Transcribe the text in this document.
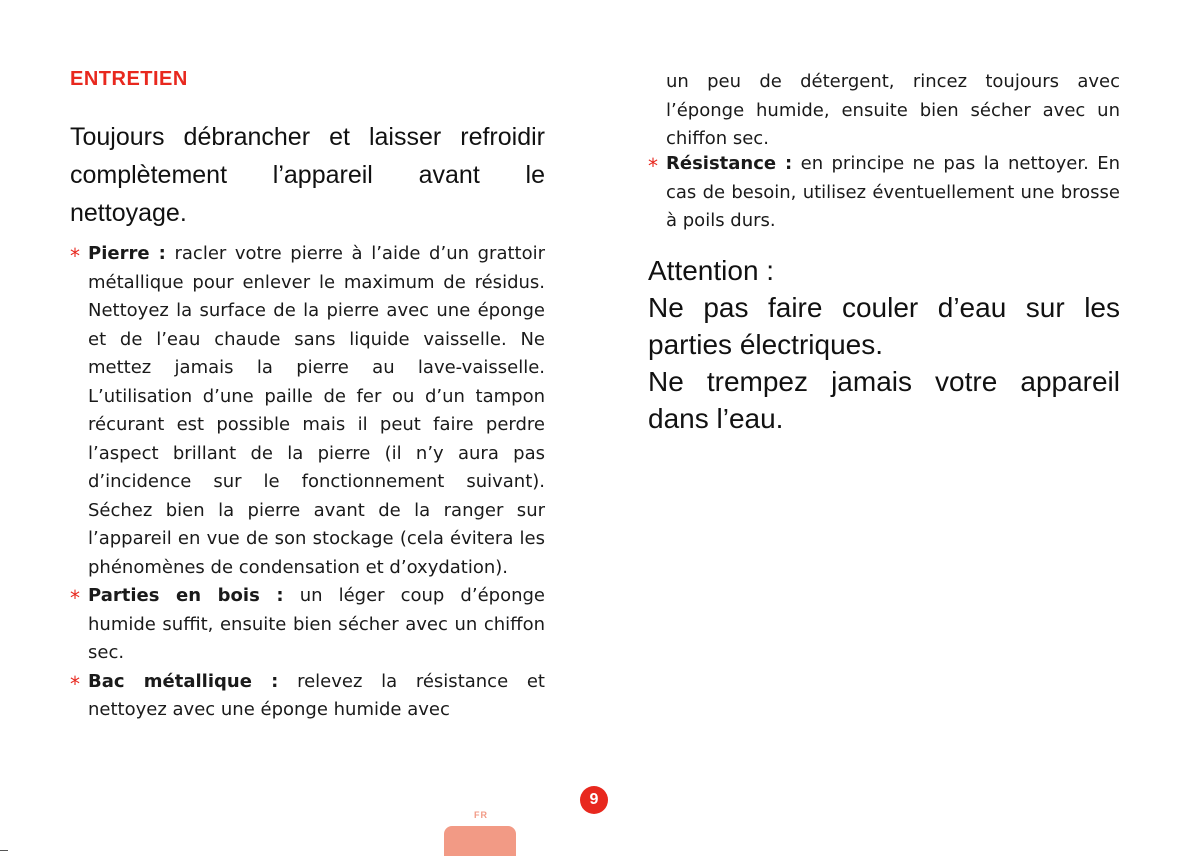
ENTRETIEN

Toujours débrancher et laisser refroidir complètement l’appareil avant le nettoyage.

* Pierre : racler votre pierre à l’aide d’un grattoir métallique pour enlever le maximum de résidus. Nettoyez la surface de la pierre avec une éponge et de l’eau chaude sans liquide vaisselle. Ne mettez jamais la pierre au lave-vaisselle. L’utilisation d’une paille de fer ou d’un tampon récurant est possible mais il peut faire perdre l’aspect brillant de la pierre (il n’y aura pas d’incidence sur le fonctionnement suivant). Séchez bien la pierre avant de la ranger sur l’appareil en vue de son stockage (cela évitera les phénomènes de condensation et d’oxydation).
* Parties en bois : un léger coup d’éponge humide suffit, ensuite bien sécher avec un chiffon sec.
* Bac métallique : relevez la résistance et nettoyez avec une éponge humide avec

un peu de détergent, rincez toujours avec l’éponge humide, ensuite bien sécher avec un chiffon sec.

* Résistance : en principe ne pas la nettoyer. En cas de besoin, utilisez éventuellement une brosse à poils durs.
Attention :
Ne pas faire couler d’eau sur les parties électriques.
Ne trempez jamais votre appareil dans l’eau.
9
FR
